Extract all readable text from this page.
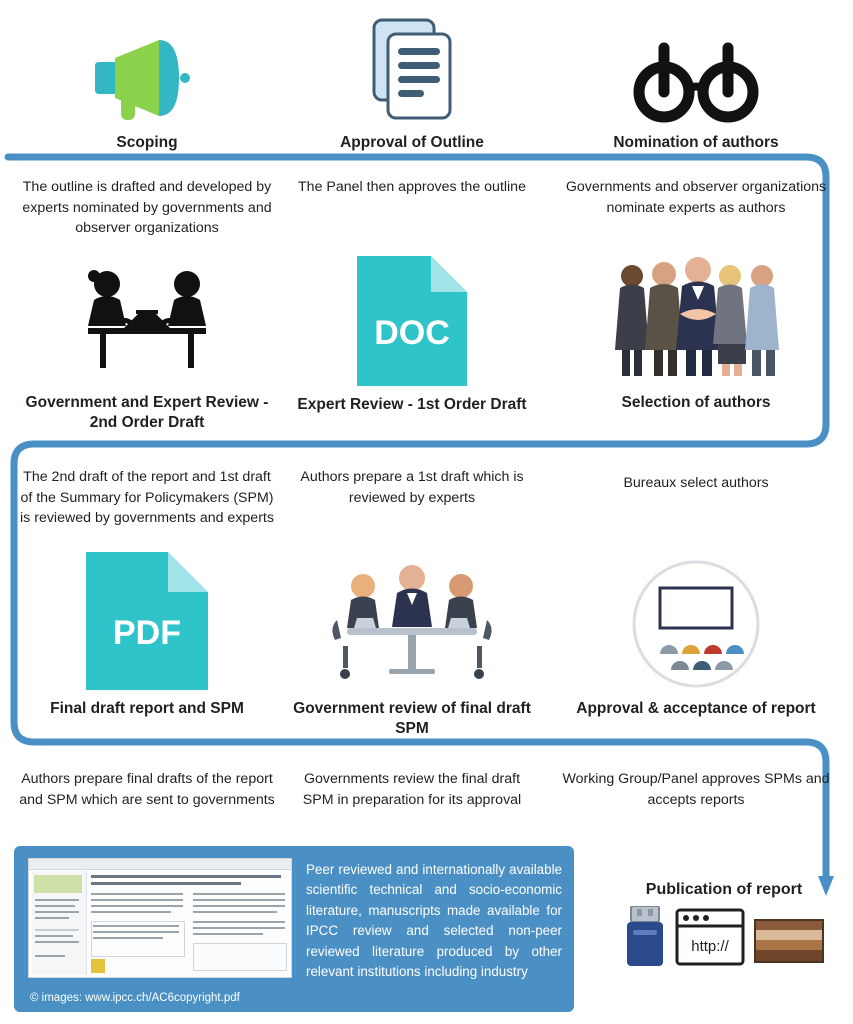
Scoping
The outline is drafted and developed by experts nominated by governments and observer organizations
Approval of Outline
The Panel then approves the outline
Nomination of authors
Governments and observer organizations nominate experts as authors
Government and Expert Review - 2nd Order Draft
The 2nd draft of the report and 1st draft of the Summary for Policymakers (SPM) is reviewed by governments and experts
DOC
Expert Review - 1st Order Draft
Authors prepare a 1st draft which is reviewed by experts
Selection of authors
Bureaux select authors
PDF
Final draft report and SPM
Authors prepare final drafts of the report and SPM which are sent to governments
Government review of final draft SPM
Governments review the final draft SPM in preparation for its approval
Approval & acceptance of report
Working Group/Panel approves SPMs and accepts reports
Peer reviewed and internationally available scientific technical and socio-economic literature, manuscripts made available for IPCC review and selected non-peer reviewed literature produced by other relevant institutions including industry
© images: www.ipcc.ch/AC6copyright.pdf
Publication of report
http://
